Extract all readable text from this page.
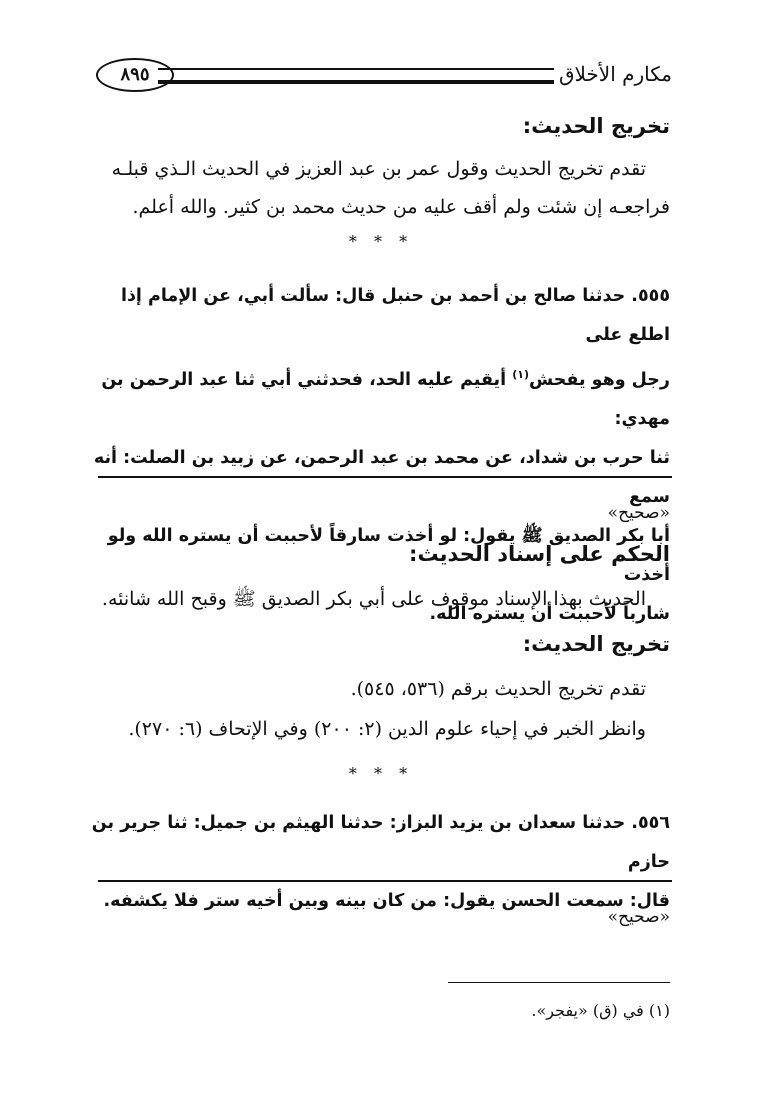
٨٩٥	مكارم الأخلاق
تخريج الحديث:
تقدم تخريج الحديث وقول عمر بن عبد العزيز في الحديث الـذي قبلـه فراجعـه إن شئت ولم أقف عليه من حديث محمد بن كثير. والله أعلم.
* * *
٥٥٥. حدثنا صالح بن أحمد بن حنبل قال: سألت أبي، عن الإمام إذا اطلع على
رجل وهو يفحش$^{(١)}$ أيقيم عليه الحد، فحدثني أبي ثنا عبد الرحمن بن مهدي:
ثنا حرب بن شداد، عن محمد بن عبد الرحمن، عن زبيد بن الصلت: أنه سمع
أبا بكر الصديق ﷺ يقول: لو أخذت سارقاً لأحببت أن يستره الله ولو أخذت
شارباً لأحببت أن يستره الله.
«صحيح»
الحكم على إسناد الحديث:
الحديث بهذا الإسناد موقوف على أبي بكر الصديق ﷺ وقبح الله شانئه.
تخريج الحديث:
تقدم تخريج الحديث برقم (٥٣٦، ٥٤٥).
وانظر الخبر في إحياء علوم الدين (٢: ٢٠٠) وفي الإتحاف (٦: ٢٧٠).
* * *
٥٥٦. حدثنا سعدان بن يزيد البزاز: حدثنا الهيثم بن جميل: ثنا جرير بن حازم
قال: سمعت الحسن يقول: من كان بينه وبين أخيه ستر فلا يكشفه.
«صحيح»
(١) في (ق) «يفجر».
